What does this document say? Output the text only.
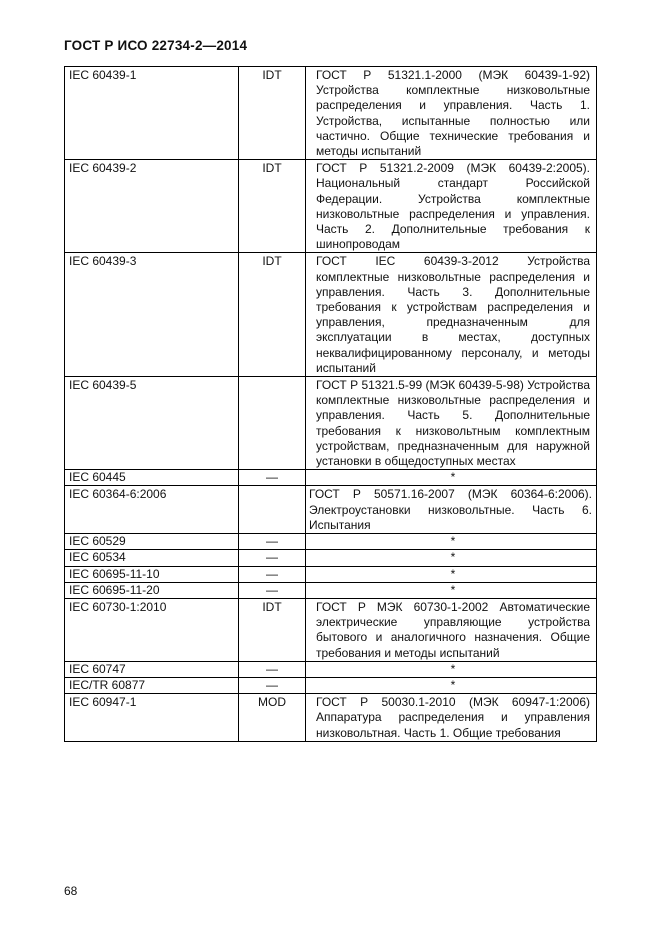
ГОСТ Р ИСО 22734-2—2014
IEC 60439-1	IDT	ГОСТ Р 51321.1-2000 (МЭК 60439-1-92) Устройства комплектные низковольтные распределения и управления. Часть 1. Устройства, испытанные полностью или частично. Общие технические требования и методы испытаний
IEC 60439-2	IDT	ГОСТ Р 51321.2-2009 (МЭК 60439-2:2005). Национальный стандарт Российской Федерации. Устройства комплектные низковольтные распределения и управления. Часть 2. Дополнительные требования к шинопроводам
IEC 60439-3	IDT	ГОСТ IEC 60439-3-2012 Устройства комплектные низковольтные распределения и управления. Часть 3. Дополнительные требования к устройствам распределения и управления, предназначенным для эксплуатации в местах, доступных неквалифицированному персоналу, и методы испытаний
IEC 60439-5		ГОСТ Р 51321.5-99 (МЭК 60439-5-98) Устройства комплектные низковольтные распределения и управления. Часть 5. Дополнительные требования к низковольтным комплектным устройствам, предназначенным для наружной установки в общедоступных местах
IEC 60445	—	*
IEC 60364-6:2006		ГОСТ Р 50571.16-2007 (МЭК 60364-6:2006). Электроустановки низковольтные. Часть 6. Испытания
IEC 60529	—	*
IEC 60534	—	*
IEC 60695-11-10	—	*
IEC 60695-11-20	—	*
IEC 60730-1:2010	IDT	ГОСТ Р МЭК 60730-1-2002 Автоматические электрические управляющие устройства бытового и аналогичного назначения. Общие требования и методы испытаний
IEC 60747	—	*
IEC/TR 60877	—	*
IEC 60947-1	MOD	ГОСТ Р 50030.1-2010 (МЭК 60947-1:2006) Аппаратура распределения и управления низковольтная. Часть 1. Общие требования
68
